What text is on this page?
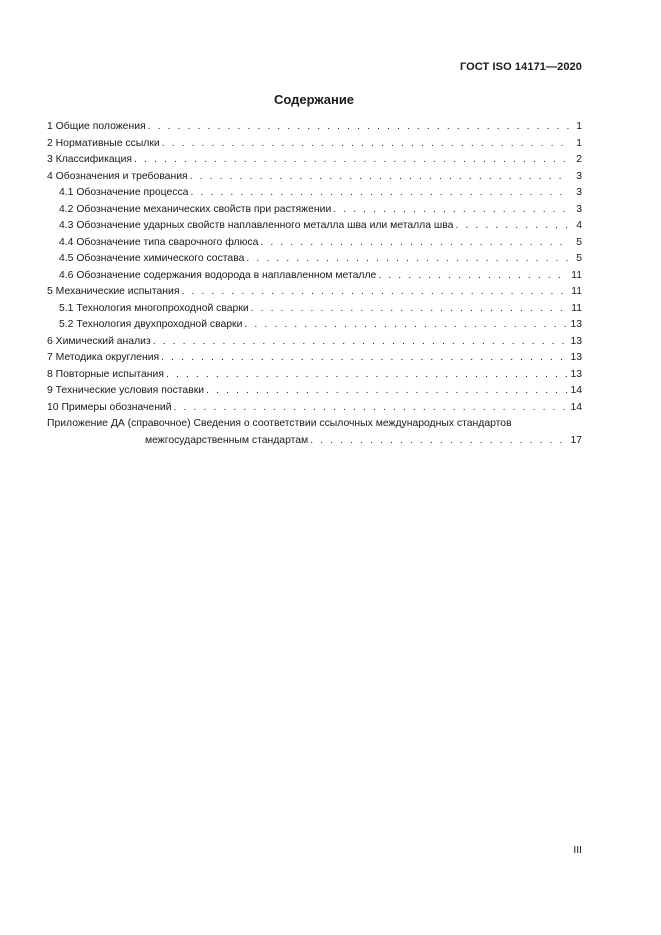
ГОСТ ISO 14171—2020
Содержание
1 Общие положения . . .	1
2 Нормативные ссылки . . .	1
3 Классификация . . .	2
4 Обозначения и требования . . .	3
4.1 Обозначение процесса . . .	3
4.2 Обозначение механических свойств при растяжении . . .	3
4.3 Обозначение ударных свойств наплавленного металла шва или металла шва . . .	4
4.4 Обозначение типа сварочного флюса . . .	5
4.5 Обозначение химического состава . . .	5
4.6 Обозначение содержания водорода в наплавленном металле . . .	11
5 Механические испытания . . .	11
5.1 Технология многопроходной сварки . . .	11
5.2 Технология двухпроходной сварки . . .	13
6 Химический анализ . . .	13
7 Методика округления . . .	13
8 Повторные испытания . . .	13
9 Технические условия поставки . . .	14
10 Примеры обозначений . . .	14
Приложение ДА (справочное) Сведения о соответствии ссылочных международных стандартов
межгосударственным стандартам . . .	17
III
